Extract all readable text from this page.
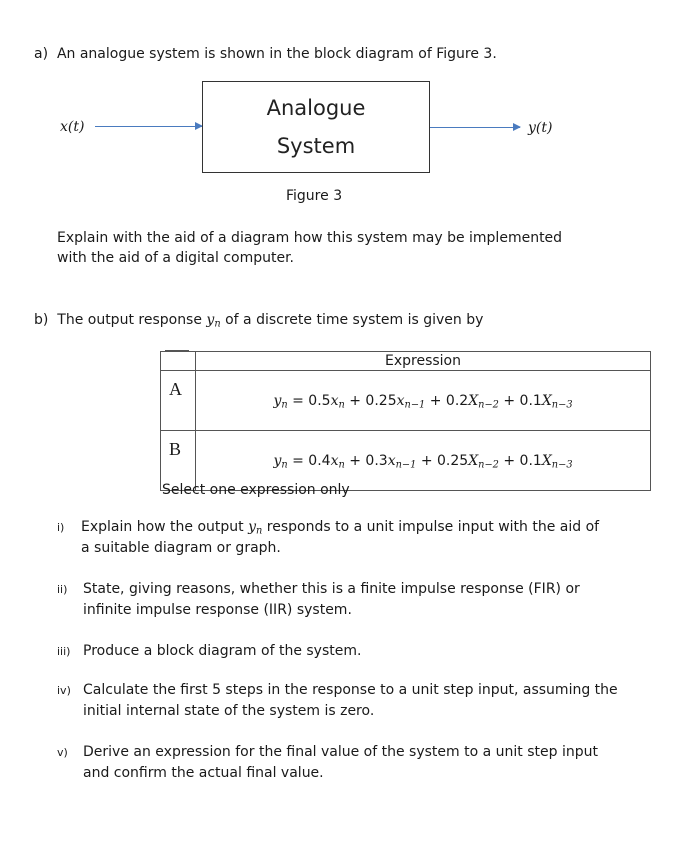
a) An analogue system is shown in the block diagram of Figure 3.
x(t)
Analogue
System
y(t)
Figure 3
Explain with the aid of a diagram how this system may be implemented
with the aid of a digital computer.
b) The output response $y_n$ of a discrete time system is given by
	Expression
A	$y_n = 0.5x_n + 0.25x_{n-1} + 0.2X_{n-2} + 0.1X_{n-3}$
B	$y_n = 0.4x_n + 0.3x_{n-1} + 0.25X_{n-2} + 0.1X_{n-3}$
Select one expression only
i) Explain how the output $y_n$ responds to a unit impulse input with the aid of
a suitable diagram or graph.
ii) State, giving reasons, whether this is a finite impulse response (FIR) or
infinite impulse response (IIR) system.
iii) Produce a block diagram of the system.
iv) Calculate the first 5 steps in the response to a unit step input, assuming the
initial internal state of the system is zero.
v) Derive an expression for the final value of the system to a unit step input
and confirm the actual final value.
